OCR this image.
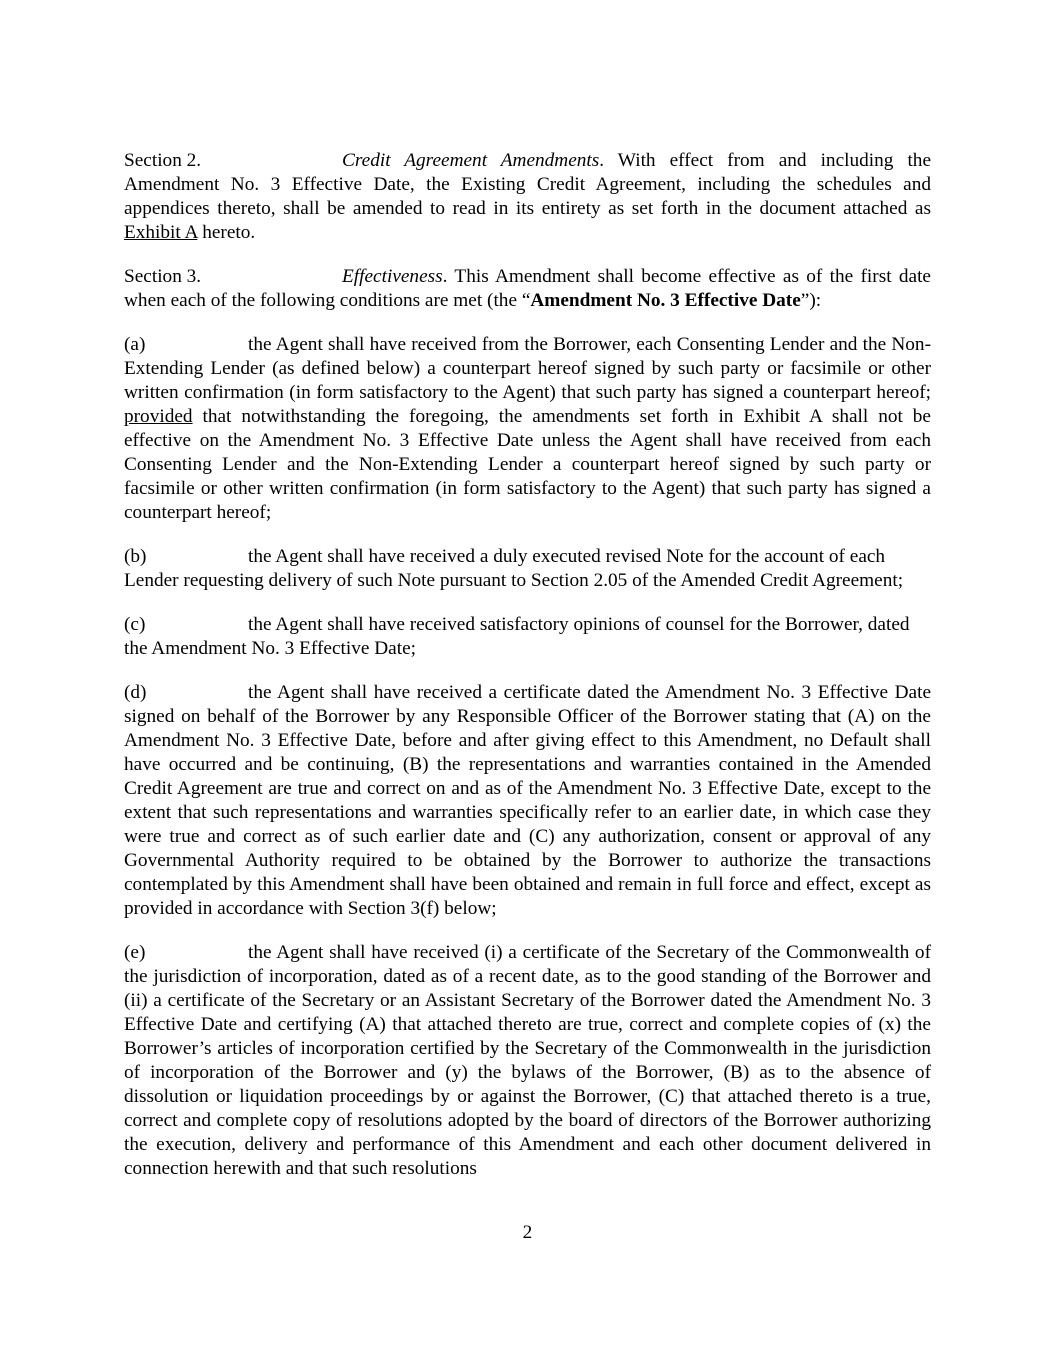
Section 2.	Credit Agreement Amendments. With effect from and including the Amendment No. 3 Effective Date, the Existing Credit Agreement, including the schedules and appendices thereto, shall be amended to read in its entirety as set forth in the document attached as Exhibit A hereto.

Section 3.	Effectiveness. This Amendment shall become effective as of the first date when each of the following conditions are met (the “Amendment No. 3 Effective Date”):

(a)	the Agent shall have received from the Borrower, each Consenting Lender and the Non-Extending Lender (as defined below) a counterpart hereof signed by such party or facsimile or other written confirmation (in form satisfactory to the Agent) that such party has signed a counterpart hereof; provided that notwithstanding the foregoing, the amendments set forth in Exhibit A shall not be effective on the Amendment No. 3 Effective Date unless the Agent shall have received from each Consenting Lender and the Non-Extending Lender a counterpart hereof signed by such party or facsimile or other written confirmation (in form satisfactory to the Agent) that such party has signed a counterpart hereof;

(b)	the Agent shall have received a duly executed revised Note for the account of each Lender requesting delivery of such Note pursuant to Section 2.05 of the Amended Credit Agreement;

(c)	the Agent shall have received satisfactory opinions of counsel for the Borrower, dated the Amendment No. 3 Effective Date;

(d)	the Agent shall have received a certificate dated the Amendment No. 3 Effective Date signed on behalf of the Borrower by any Responsible Officer of the Borrower stating that (A) on the Amendment No. 3 Effective Date, before and after giving effect to this Amendment, no Default shall have occurred and be continuing, (B) the representations and warranties contained in the Amended Credit Agreement are true and correct on and as of the Amendment No. 3 Effective Date, except to the extent that such representations and warranties specifically refer to an earlier date, in which case they were true and correct as of such earlier date and (C) any authorization, consent or approval of any Governmental Authority required to be obtained by the Borrower to authorize the transactions contemplated by this Amendment shall have been obtained and remain in full force and effect, except as provided in accordance with Section 3(f) below;

(e)	the Agent shall have received (i) a certificate of the Secretary of the Commonwealth of the jurisdiction of incorporation, dated as of a recent date, as to the good standing of the Borrower and (ii) a certificate of the Secretary or an Assistant Secretary of the Borrower dated the Amendment No. 3 Effective Date and certifying (A) that attached thereto are true, correct and complete copies of (x) the Borrower’s articles of incorporation certified by the Secretary of the Commonwealth in the jurisdiction of incorporation of the Borrower and (y) the bylaws of the Borrower, (B) as to the absence of dissolution or liquidation proceedings by or against the Borrower, (C) that attached thereto is a true, correct and complete copy of resolutions adopted by the board of directors of the Borrower authorizing the execution, delivery and performance of this Amendment and each other document delivered in connection herewith and that such resolutions

2
